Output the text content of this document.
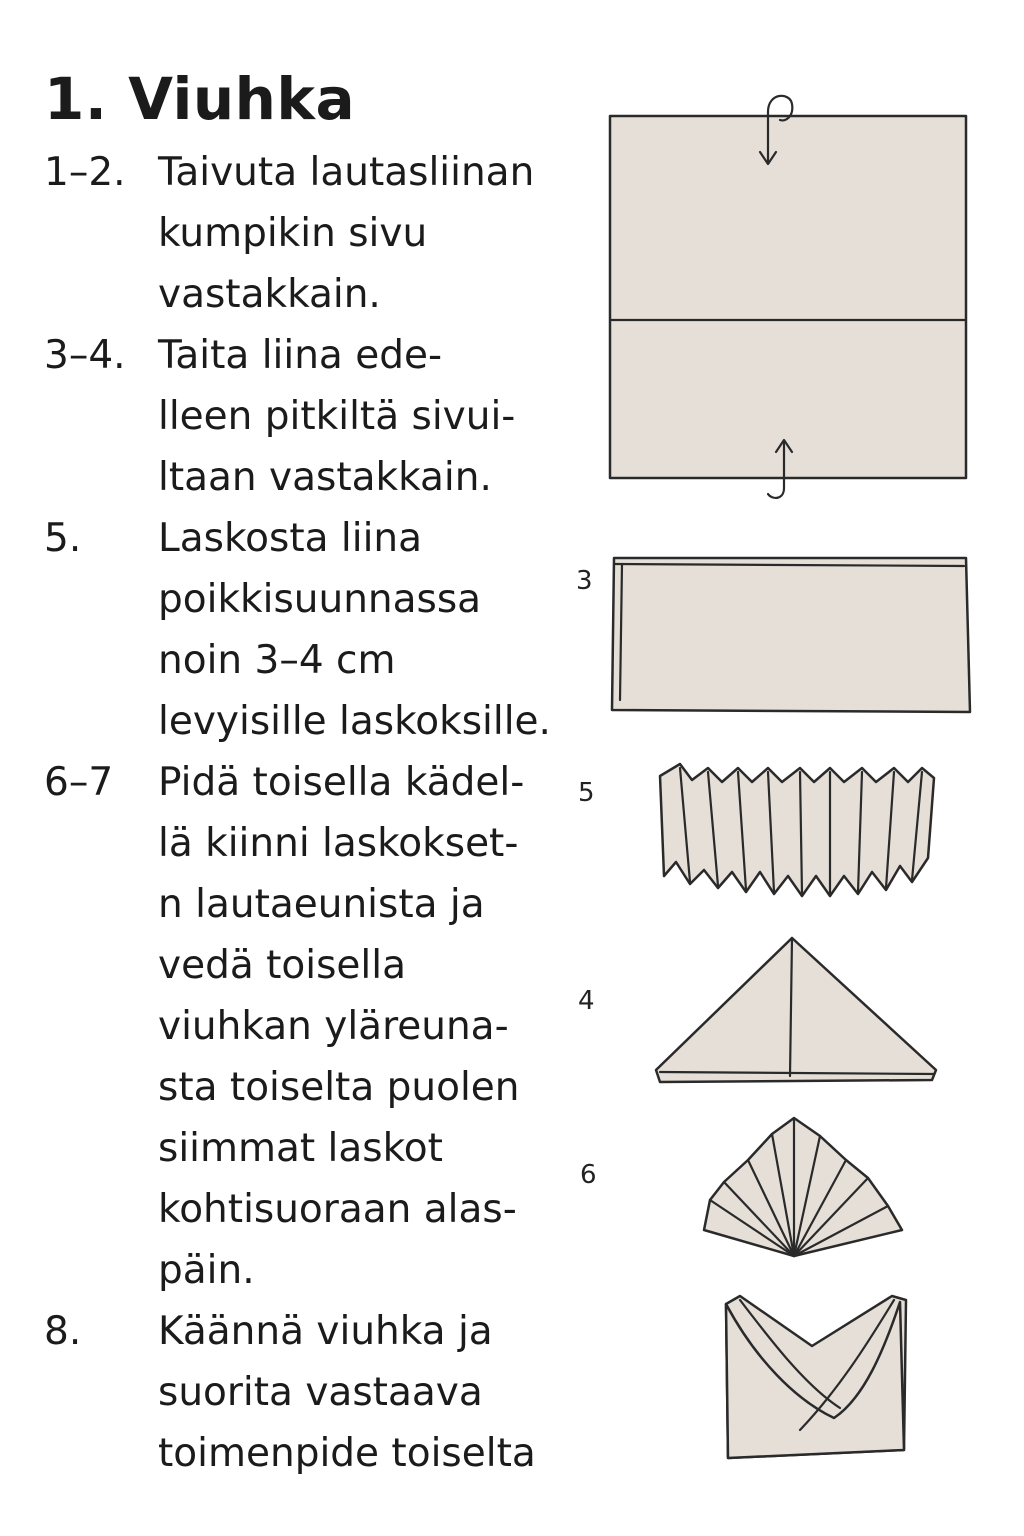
1. Viuhka
1–2. Taivuta lautasliinan
kumpikin sivu
vastakkain.
3–4. Taita liina ede-
lleen pitkiltä sivui-
ltaan vastakkain.
5.	Laskosta liina
poikkisuunnassa
noin 3–4 cm
levyisille laskoksille.
6–7	Pidä toisella kädel-
lä kiinni laskokset-
n lautaeunista ja
vedä toisella
viuhkan yläreuna-
sta toiselta puolen
siimmat laskot
kohtisuoraan alas-
päin.
8.	Käännä viuhka ja
suorita vastaava
toimenpide toiselta
3
5
4
6
